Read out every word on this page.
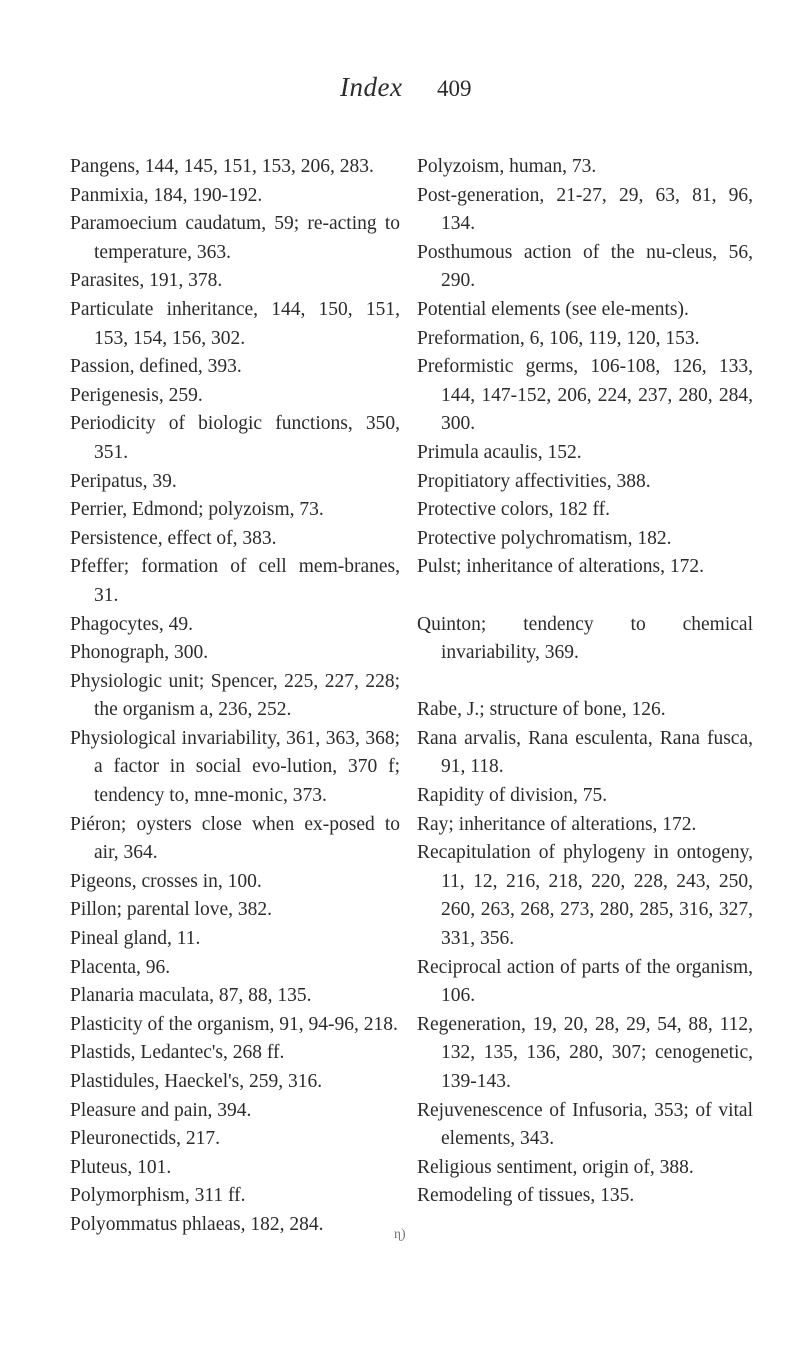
Index 409

Pangens, 144, 145, 151, 153, 206, 283.

Panmixia, 184, 190-192.

Paramoecium caudatum, 59; re-acting to temperature, 363.

Parasites, 191, 378.

Particulate inheritance, 144, 150, 151, 153, 154, 156, 302.

Passion, defined, 393.

Perigenesis, 259.

Periodicity of biologic functions, 350, 351.

Peripatus, 39.

Perrier, Edmond; polyzoism, 73.

Persistence, effect of, 383.

Pfeffer; formation of cell mem-branes, 31.

Phagocytes, 49.

Phonograph, 300.

Physiologic unit; Spencer, 225, 227, 228; the organism a, 236, 252.

Physiological invariability, 361, 363, 368; a factor in social evo-lution, 370 f; tendency to, mne-monic, 373.

Piéron; oysters close when ex-posed to air, 364.

Pigeons, crosses in, 100.

Pillon; parental love, 382.

Pineal gland, 11.

Placenta, 96.

Planaria maculata, 87, 88, 135.

Plasticity of the organism, 91, 94-96, 218.

Plastids, Ledantec's, 268 ff.

Plastidules, Haeckel's, 259, 316.

Pleasure and pain, 394.

Pleuronectids, 217.

Pluteus, 101.

Polymorphism, 311 ff.

Polyommatus phlaeas, 182, 284.

Polyzoism, human, 73.

Post-generation, 21-27, 29, 63, 81, 96, 134.

Posthumous action of the nu-cleus, 56, 290.

Potential elements (see ele-ments).

Preformation, 6, 106, 119, 120, 153.

Preformistic germs, 106-108, 126, 133, 144, 147-152, 206, 224, 237, 280, 284, 300.

Primula acaulis, 152.

Propitiatory affectivities, 388.

Protective colors, 182 ff.

Protective polychromatism, 182.

Pulst; inheritance of alterations, 172.

Quinton; tendency to chemical invariability, 369.

Rabe, J.; structure of bone, 126.

Rana arvalis, Rana esculenta, Rana fusca, 91, 118.

Rapidity of division, 75.

Ray; inheritance of alterations, 172.

Recapitulation of phylogeny in ontogeny, 11, 12, 216, 218, 220, 228, 243, 250, 260, 263, 268, 273, 280, 285, 316, 327, 331, 356.

Reciprocal action of parts of the organism, 106.

Regeneration, 19, 20, 28, 29, 54, 88, 112, 132, 135, 136, 280, 307; cenogenetic, 139-143.

Rejuvenescence of Infusoria, 353; of vital elements, 343.

Religious sentiment, origin of, 388.

Remodeling of tissues, 135.

ɳ)
